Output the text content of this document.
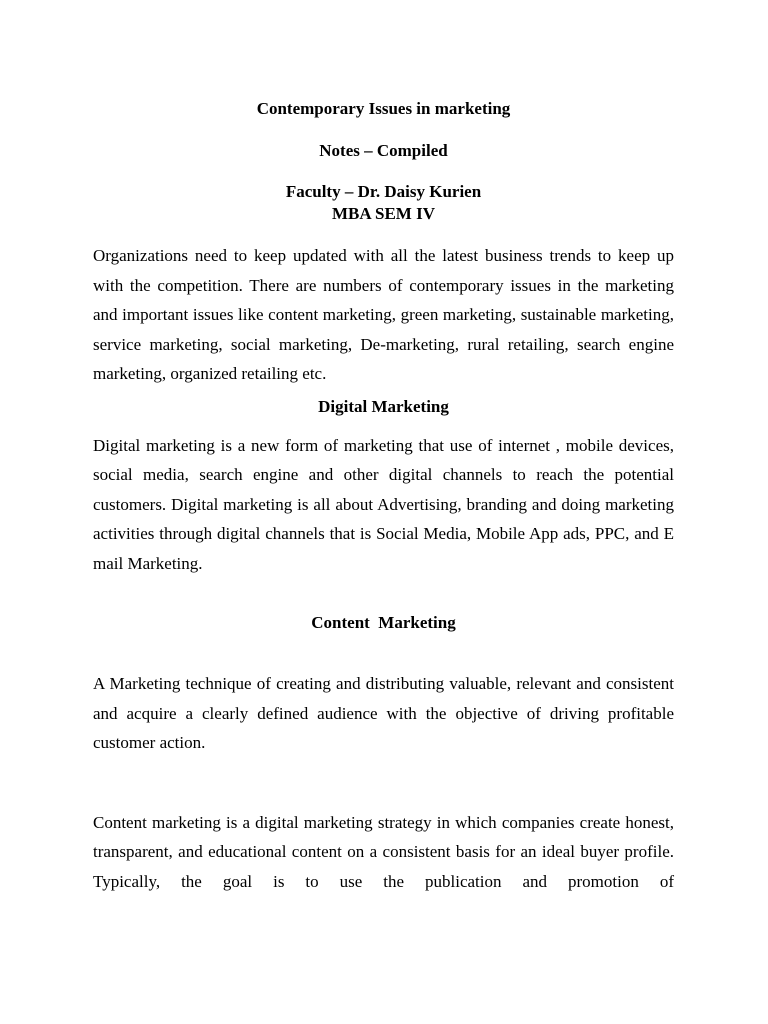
Contemporary Issues in marketing

Notes – Compiled

Faculty – Dr. Daisy Kurien

MBA SEM IV

Organizations need to keep updated with all the latest business trends to keep up with the competition. There are numbers of contemporary issues in the marketing and important issues like content marketing, green marketing, sustainable marketing, service marketing, social marketing, De-marketing, rural retailing, search engine marketing, organized retailing etc.

Digital Marketing

Digital marketing is a new form of marketing that use of internet , mobile devices, social media, search engine and other digital channels to reach the potential customers. Digital marketing is all about Advertising, branding and doing marketing activities through digital channels that is Social Media, Mobile App ads, PPC, and E mail Marketing.

Content  Marketing

A Marketing technique of creating and distributing valuable, relevant and consistent and acquire a clearly defined audience with the objective of driving profitable customer action.

Content marketing is a digital marketing strategy in which companies create honest, transparent, and educational content on a consistent basis for an ideal buyer profile. Typically, the goal is to use the publication and promotion of
